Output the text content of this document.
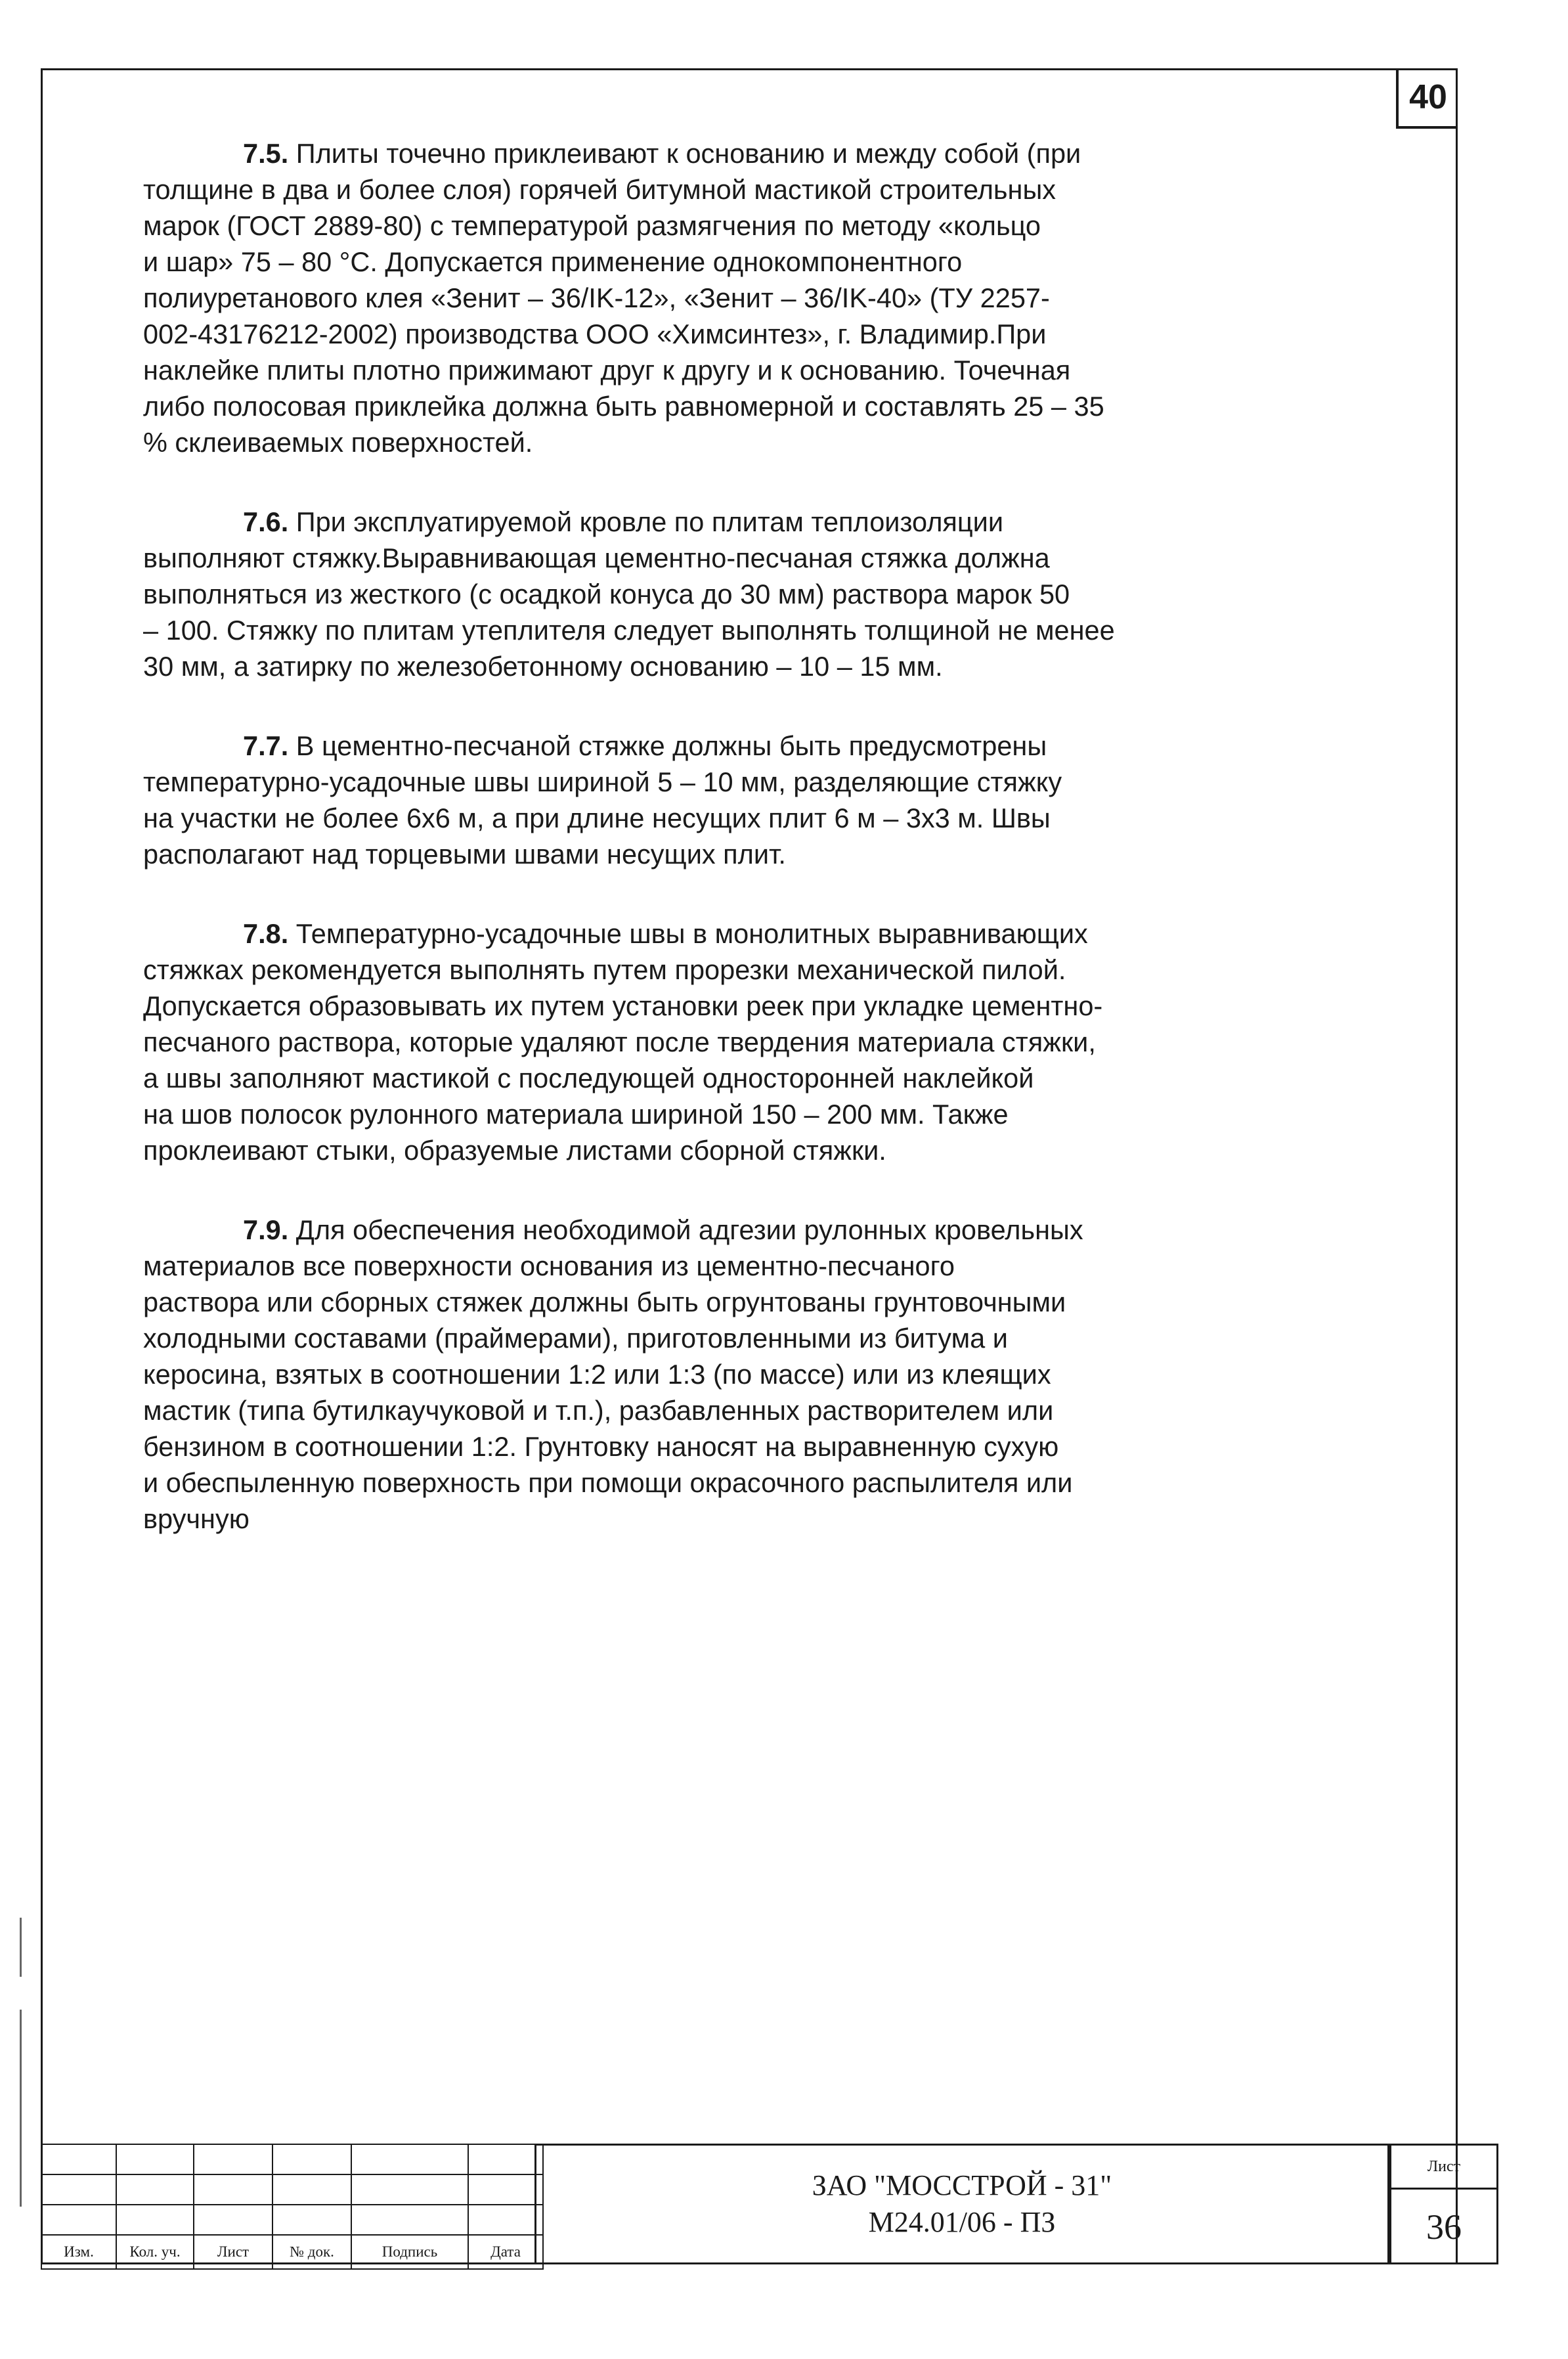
40
7.5. Плиты точечно приклеивают к основанию и между собой (при
толщине в два и более слоя) горячей битумной мастикой строительных
марок (ГОСТ 2889-80) с температурой размягчения по методу «кольцо
и шар» 75 – 80 °С. Допускается применение однокомпонентного
полиуретанового клея «Зенит – 36/IK-12», «Зенит – 36/IK-40» (ТУ 2257-
002-43176212-2002) производства ООО «Химсинтез», г. Владимир.При
наклейке плиты плотно прижимают друг к другу и к основанию. Точечная
либо полосовая приклейка должна быть равномерной и составлять 25 – 35
% склеиваемых поверхностей.
7.6. При эксплуатируемой кровле по плитам теплоизоляции
выполняют стяжку.Выравнивающая цементно-песчаная стяжка должна
выполняться из жесткого (с осадкой конуса до 30 мм) раствора марок 50
– 100. Стяжку по плитам утеплителя следует выполнять толщиной не менее
30 мм, а затирку по железобетонному основанию – 10 – 15 мм.
7.7. В цементно-песчаной стяжке должны быть предусмотрены
температурно-усадочные швы шириной 5 – 10 мм, разделяющие стяжку
на участки не более 6х6 м, а при длине несущих плит 6 м – 3х3 м. Швы
располагают над торцевыми швами несущих плит.
7.8. Температурно-усадочные швы в монолитных выравнивающих
стяжках рекомендуется выполнять путем прорезки механической пилой.
Допускается образовывать их путем установки реек при укладке цементно-
песчаного раствора, которые удаляют после твердения материала стяжки,
а швы заполняют мастикой с последующей односторонней наклейкой
на шов полосок рулонного материала шириной 150 – 200 мм. Также
проклеивают стыки, образуемые листами сборной стяжки.
7.9. Для обеспечения необходимой адгезии рулонных кровельных
материалов все поверхности основания из цементно-песчаного
раствора или сборных стяжек должны быть огрунтованы грунтовочными
холодными составами (праймерами), приготовленными из битума и
керосина, взятых в соотношении 1:2 или 1:3 (по массе) или из клеящих
мастик (типа бутилкаучуковой и т.п.), разбавленных растворителем или
бензином в соотношении 1:2. Грунтовку наносят на выравненную сухую
и обеспыленную поверхность при помощи окрасочного распылителя или
вручную

Изм.	Кол. уч.	Лист	№ док.	Подпись	Дата
ЗАО "МОССТРОЙ - 31"
М24.01/06 - ПЗ
Лист
36
